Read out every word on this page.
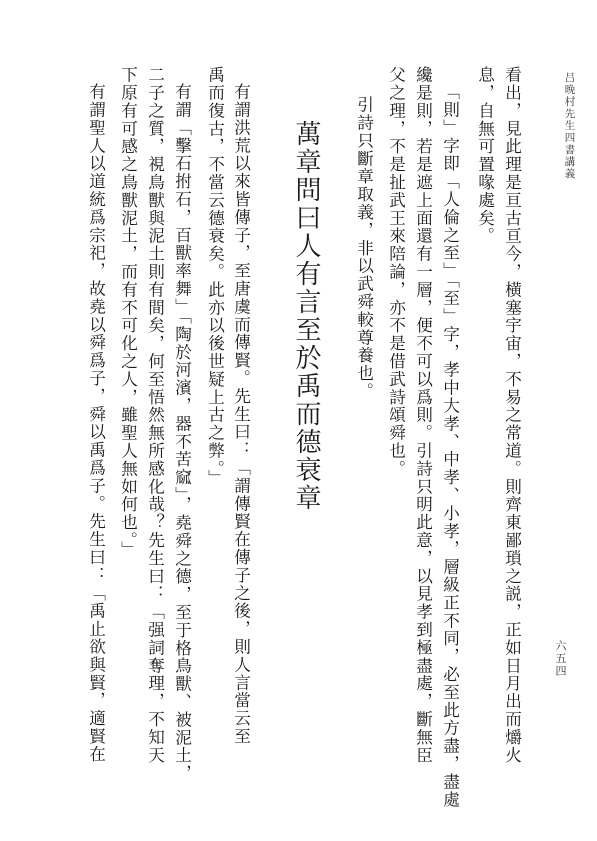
吕晚村先生四書講義
六五四
看出，見此理是亘古亘今，横塞宇宙，不易之常道。則齊東鄙瑣之説，正如日月出而爝火
息，自無可置喙處矣。
「則」字即「人倫之至」「至」字，孝中大孝、中孝、小孝，層級正不同，必至此方盡，盡處
纔是則，若是遮上面還有一層，便不可以爲則。引詩只明此意，以見孝到極盡處，斷無臣
父之理，不是扯武王來陪論，亦不是借武詩頌舜也。
引詩只斷章取義，非以武舜較尊養也。
萬章問曰人有言至於禹而德衰章
有謂洪荒以來皆傳子，至唐虞而傳賢。先生曰：「謂傳賢在傳子之後，則人言當云至
禹而復古，不當云德衰矣。此亦以後世疑上古之弊。」
有謂「擊石拊石，百獸率舞」「陶於河濱，器不苦窳」，堯舜之德，至于格鳥獸、被泥土，
二子之質，視鳥獸與泥土則有間矣，何至悟然無所感化哉？先生曰：「强詞奪理，不知天
下原有可感之鳥獸泥土，而有不可化之人，雖聖人無如何也。」
有謂聖人以道統爲宗祀，故堯以舜爲子，舜以禹爲子。先生曰：「禹止欲與賢，適賢在
